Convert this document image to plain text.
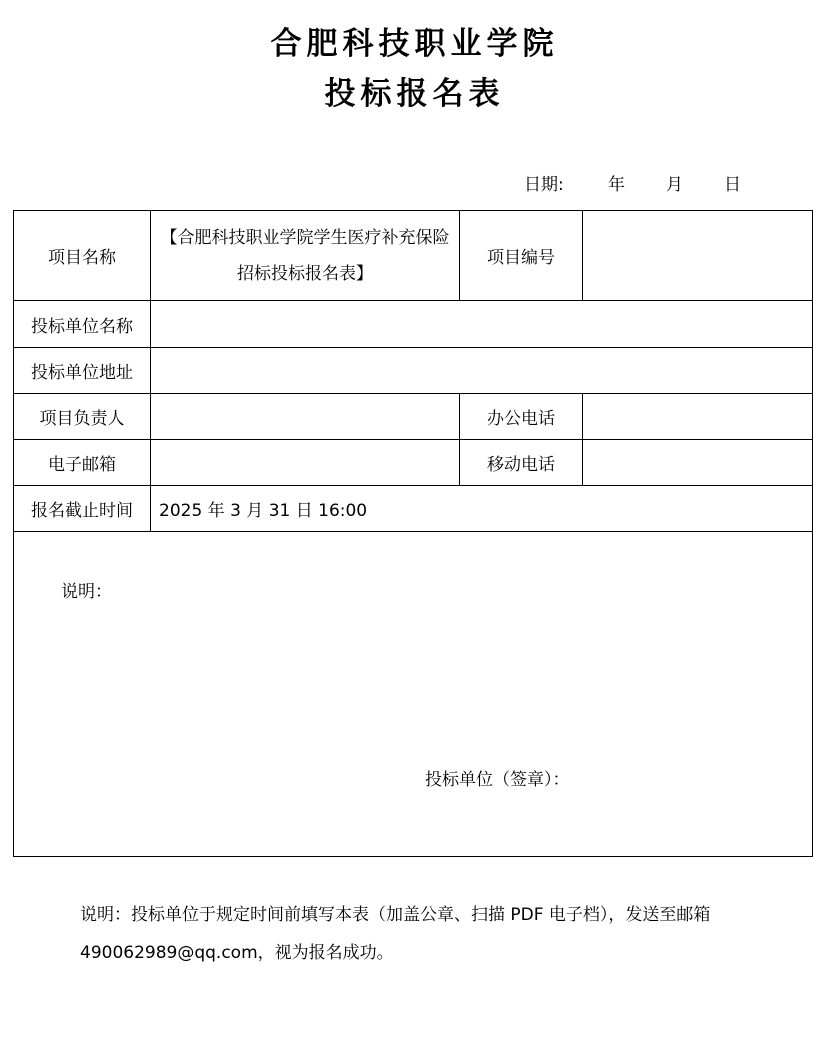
合肥科技职业学院
投标报名表
日期:	年 月 日
项目名称	【合肥科技职业学院学生医疗补充保险招标投标报名表】	项目编号	
投标单位名称			
投标单位地址			
项目负责人		办公电话	
电子邮箱		移动电话	
报名截止时间	2025 年 3 月 31 日 16:00		

说明：
投标单位（签章）：			
说明：投标单位于规定时间前填写本表（加盖公章、扫描 PDF 电子档），发送至邮箱 490062989@qq.com，视为报名成功。
